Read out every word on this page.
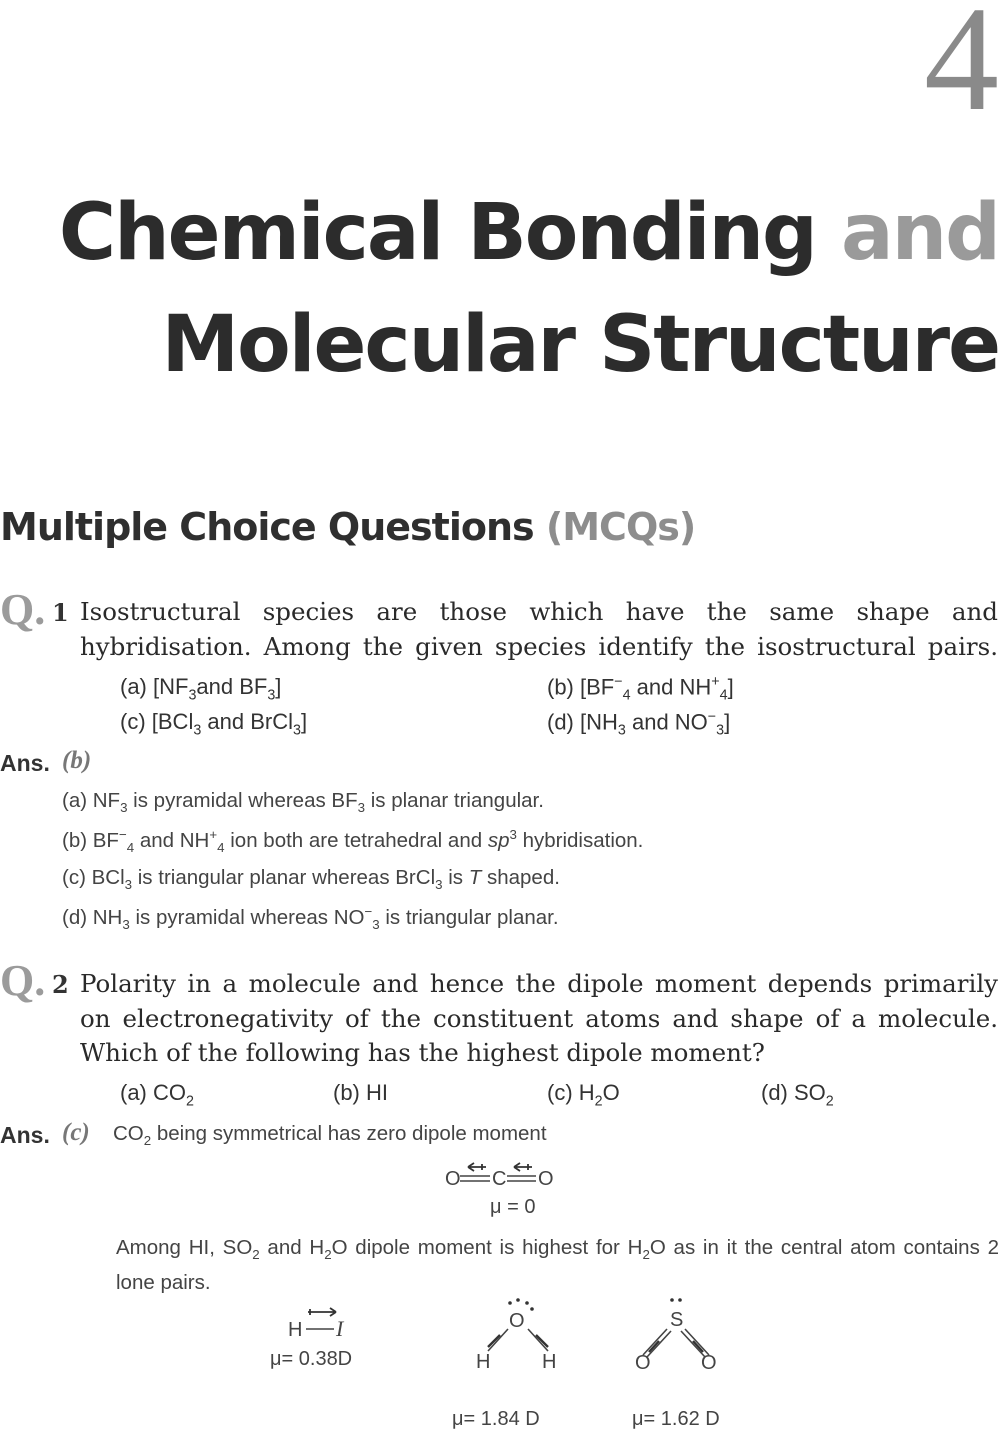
4
Chemical Bonding and
Molecular Structure
Multiple Choice Questions (MCQs)
Q. 1 Isostructural species are those which have the same shape and
hybridisation. Among the given species identify the isostructural pairs.
(a) [$NF_3and$ $BF_3$]	(b) [$BF^-_4$ and $NH^+_4$]
(c) [BCl$_3$ and BrCl$_3$]	(d) [$NH_3$ and $NO^-_3$]
Ans. (b)
(a) $NF_3$ is pyramidal whereas $BF_3$ is planar triangular.
(b) $BF^-_4$ and $NH^+_4$ ion both are tetrahedral and $sp^3$ hybridisation.
(c) BCl$_3$ is triangular planar whereas BrCl$_3$ is T shaped.
(d) $NH_3$ is pyramidal whereas $NO^-_3$ is triangular planar.
Q. 2 Polarity in a molecule and hence the dipole moment depends primarily
on electronegativity of the constituent atoms and shape of a molecule.
Which of the following has the highest dipole moment?
(a) $CO_2$	(b) HI	(c) $H_2O$	(d) $SO_2$
Ans. (c) $CO_2$ being symmetrical has zero dipole moment
O C O
μ = 0
Among HI, $SO_2$ and $H_2O$ dipole moment is highest for $H_2O$ as in it the central atom contains 2 lone pairs.
H I
μ= 0.38D
O
H	H
μ= 1.84 D
S
O	O
μ= 1.62 D
